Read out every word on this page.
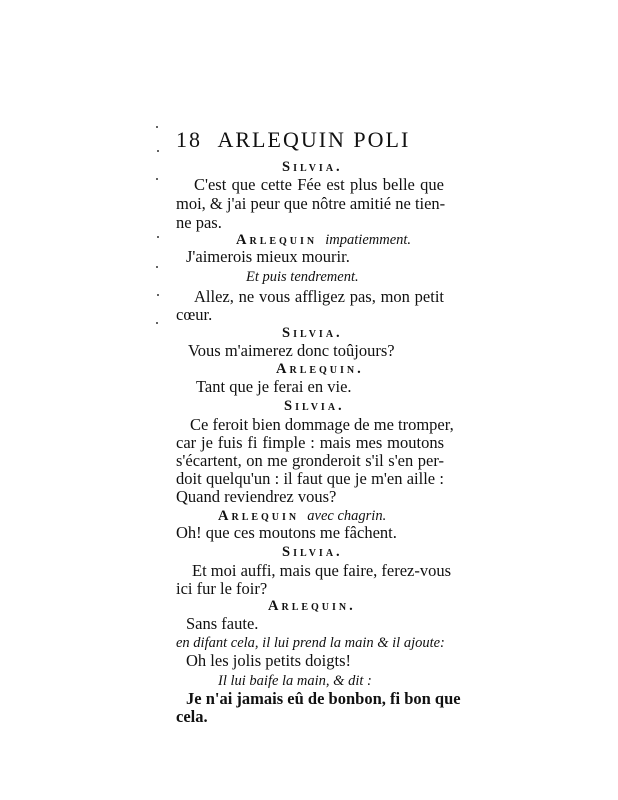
18 ARLEQUIN POLI
Silvia.
C'est que cette Fée est plus belle que
moi, & j'ai peur que nôtre amitié ne tien-
ne pas.
Arlequin impatiemment.
J'aimerois mieux mourir.
Et puis tendrement.
Allez, ne vous affligez pas, mon petit
cœur.
Silvia.
Vous m'aimerez donc toûjours?
Arlequin.
Tant que je ferai en vie.
Silvia.
Ce feroit bien dommage de me tromper,
car je fuis fi fimple : mais mes moutons
s'écartent, on me gronderoit s'il s'en per-
doit quelqu'un : il faut que je m'en aille :
Quand reviendrez vous?
Arlequin avec chagrin.
Oh! que ces moutons me fâchent.
Silvia.
Et moi auffi, mais que faire, ferez-vous
ici fur le foir?
Arlequin.
Sans faute.
en difant cela, il lui prend la main & il ajoute:
Oh les jolis petits doigts!
Il lui baife la main, & dit :
Je n'ai jamais eû de bonbon, fi bon que
cela.
